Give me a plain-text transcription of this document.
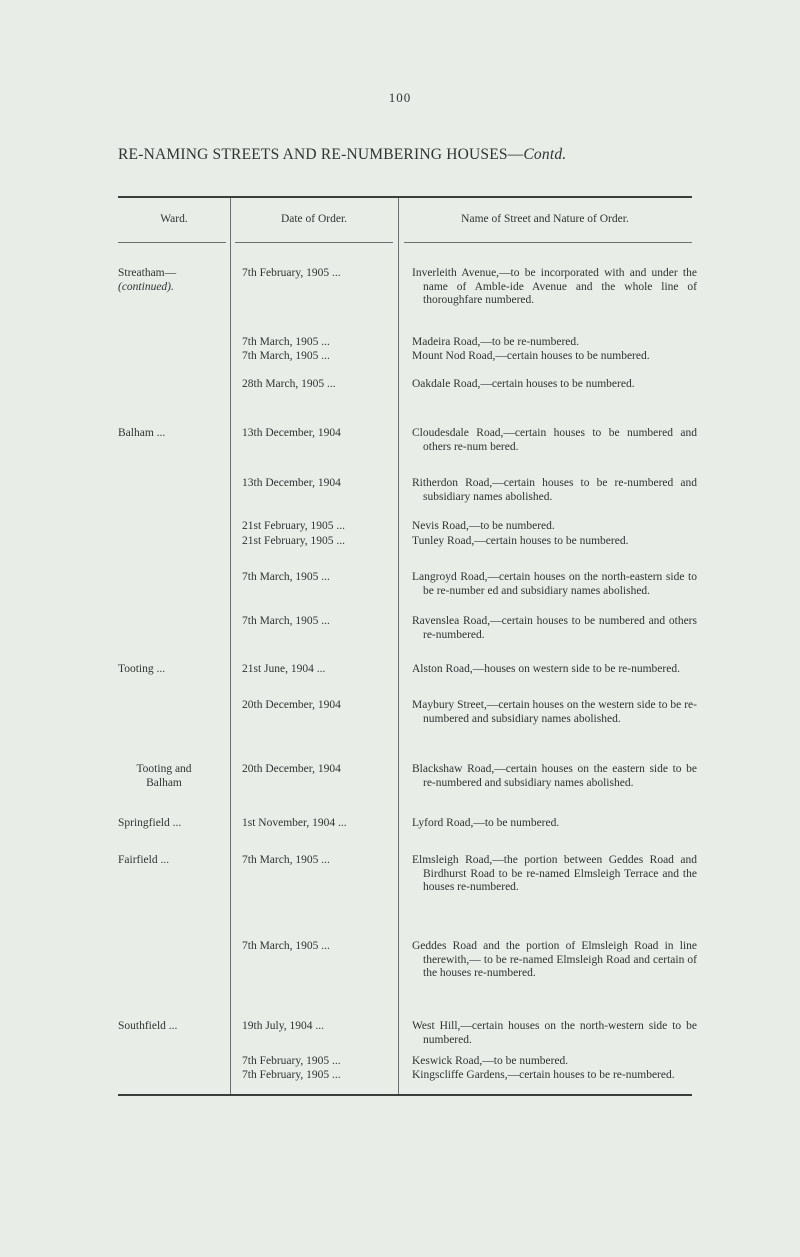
100
RE-NAMING STREETS AND RE-NUMBERING HOUSES—Contd.
Ward.	Date of Order.	Name of Street and Nature of Order.
Streatham—
(continued).
Balham ...
Tooting ...
Tooting and
Balham
Springfield ...
Fairfield ...
Southfield ...
7th February, 1905 ...
7th March, 1905 ...
7th March, 1905 ...
28th March, 1905 ...
13th December, 1904
13th December, 1904
21st February, 1905 ...
21st February, 1905 ...
7th March, 1905 ...
7th March, 1905 ...
21st June, 1904 ...
20th December, 1904
20th December, 1904
1st November, 1904 ...
7th March, 1905 ...
7th March, 1905 ...
19th July, 1904 ...
7th February, 1905 ...
7th February, 1905 ...
Inverleith Avenue,—to be incorporated with and under the name of Amble-ide Avenue and the whole line of thoroughfare numbered.
Madeira Road,—to be re-numbered.
Mount Nod Road,—certain houses to be numbered.
Oakdale Road,—certain houses to be numbered.
Cloudesdale Road,—certain houses to be numbered and others re-num bered.
Ritherdon Road,—certain houses to be re-numbered and subsidiary names abolished.
Nevis Road,—to be numbered.
Tunley Road,—certain houses to be numbered.
Langroyd Road,—certain houses on the north-eastern side to be re-number ed and subsidiary names abolished.
Ravenslea Road,—certain houses to be numbered and others re-numbered.
Alston Road,—houses on western side to be re-numbered.
Maybury Street,—certain houses on the western side to be re-numbered and subsidiary names abolished.
Blackshaw Road,—certain houses on the eastern side to be re-numbered and subsidiary names abolished.
Lyford Road,—to be numbered.
Elmsleigh Road,—the portion between Geddes Road and Birdhurst Road to be re-named Elmsleigh Terrace and the houses re-numbered.
Geddes Road and the portion of Elmsleigh Road in line therewith,— to be re-named Elmsleigh Road and certain of the houses re-numbered.
West Hill,—certain houses on the north-western side to be numbered.
Keswick Road,—to be numbered.
Kingscliffe Gardens,—certain houses to be re-numbered.
